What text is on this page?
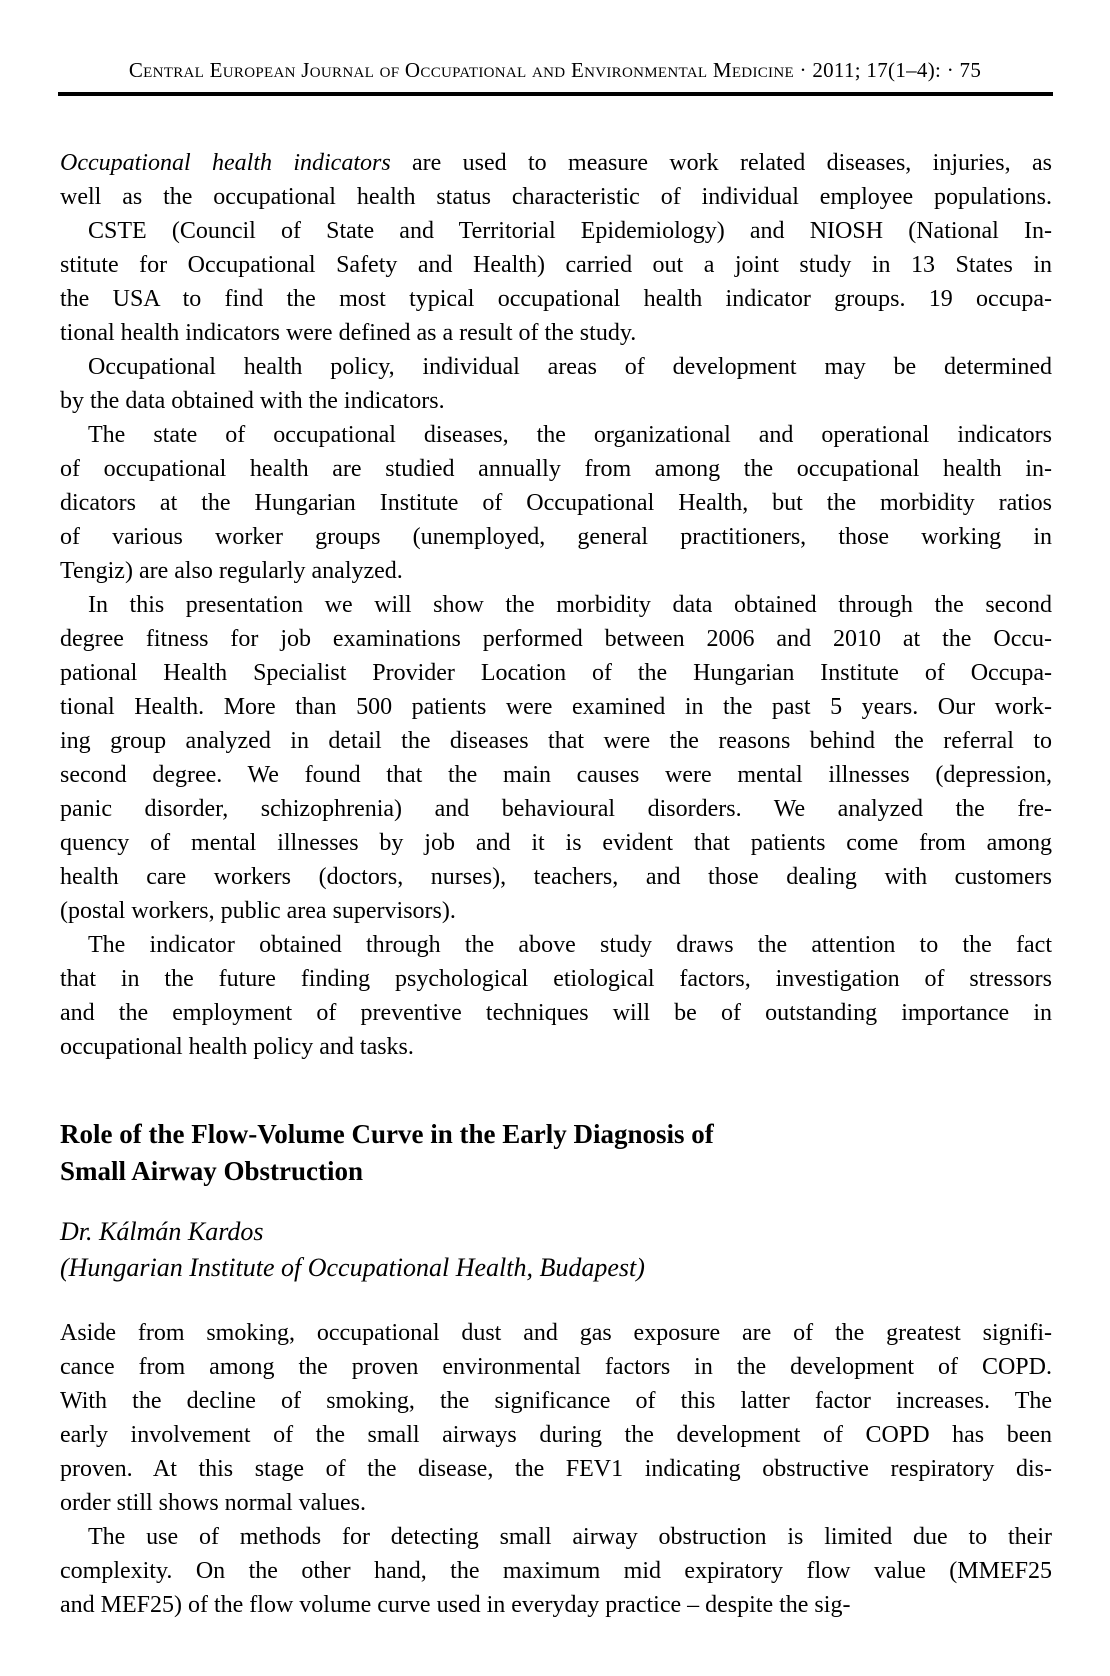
Central European Journal of Occupational and Environmental Medicine · 2011; 17(1–4): · 75

Occupational health indicators are used to measure work related diseases, injuries, as
well as the occupational health status characteristic of individual employee populations.

CSTE (Council of State and Territorial Epidemiology) and NIOSH (National In-
stitute for Occupational Safety and Health) carried out a joint study in 13 States in
the USA to find the most typical occupational health indicator groups. 19 occupa-
tional health indicators were defined as a result of the study.

Occupational health policy, individual areas of development may be determined
by the data obtained with the indicators.

The state of occupational diseases, the organizational and operational indicators
of occupational health are studied annually from among the occupational health in-
dicators at the Hungarian Institute of Occupational Health, but the morbidity ratios
of various worker groups (unemployed, general practitioners, those working in
Tengiz) are also regularly analyzed.

In this presentation we will show the morbidity data obtained through the second
degree fitness for job examinations performed between 2006 and 2010 at the Occu-
pational Health Specialist Provider Location of the Hungarian Institute of Occupa-
tional Health. More than 500 patients were examined in the past 5 years. Our work-
ing group analyzed in detail the diseases that were the reasons behind the referral to
second degree. We found that the main causes were mental illnesses (depression,
panic disorder, schizophrenia) and behavioural disorders. We analyzed the fre-
quency of mental illnesses by job and it is evident that patients come from among
health care workers (doctors, nurses), teachers, and those dealing with customers
(postal workers, public area supervisors).

The indicator obtained through the above study draws the attention to the fact
that in the future finding psychological etiological factors, investigation of stressors
and the employment of preventive techniques will be of outstanding importance in
occupational health policy and tasks.

Role of the Flow-Volume Curve in the Early Diagnosis of
Small Airway Obstruction
Dr. Kálmán Kardos
(Hungarian Institute of Occupational Health, Budapest)

Aside from smoking, occupational dust and gas exposure are of the greatest signifi-
cance from among the proven environmental factors in the development of COPD.
With the decline of smoking, the significance of this latter factor increases. The
early involvement of the small airways during the development of COPD has been
proven. At this stage of the disease, the FEV1 indicating obstructive respiratory dis-
order still shows normal values.

The use of methods for detecting small airway obstruction is limited due to their
complexity. On the other hand, the maximum mid expiratory flow value (MMEF25
and MEF25) of the flow volume curve used in everyday practice – despite the sig-
